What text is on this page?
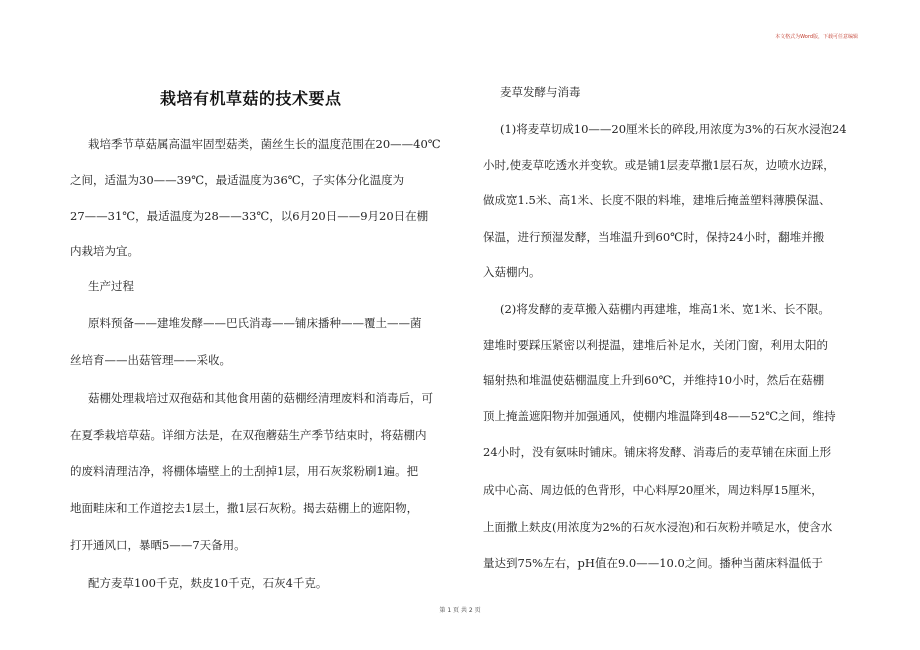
本文格式为Word版，下载可任意编辑
栽培有机草菇的技术要点
栽培季节草菇属高温牢固型菇类，菌丝生长的温度范围在20——40℃
之间，适温为30——39℃，最适温度为36℃，子实体分化温度为
27——31℃，最适温度为28——33℃，以6月20日——9月20日在棚
内栽培为宜。
生产过程
原料预备——建堆发酵——巴氏消毒——铺床播种——覆土——菌
丝培育——出菇管理——采收。
菇棚处理栽培过双孢菇和其他食用菌的菇棚经清理废料和消毒后，可
在夏季栽培草菇。详细方法是，在双孢蘑菇生产季节结束时，将菇棚内
的废料清理洁净，将棚体墙壁上的土刮掉1层，用石灰浆粉刷1遍。把
地面畦床和工作道挖去1层土，撒1层石灰粉。揭去菇棚上的遮阳物，
打开通风口，暴晒5——7天备用。
配方麦草100千克，麸皮10千克，石灰4千克。
麦草发酵与消毒
(1)将麦草切成10——20厘米长的碎段,用浓度为3%的石灰水浸泡24
小时,使麦草吃透水并变软。或是铺1层麦草撒1层石灰，边喷水边踩，
做成宽1.5米、高1米、长度不限的料堆，建堆后掩盖塑料薄膜保温、
保温，进行预湿发酵，当堆温升到60℃时，保持24小时，翻堆并搬
入菇棚内。
(2)将发酵的麦草搬入菇棚内再建堆，堆高1米、宽1米、长不限。
建堆时要踩压紧密以利提温，建堆后补足水，关闭门窗，利用太阳的
辐射热和堆温使菇棚温度上升到60℃，并维持10小时，然后在菇棚
顶上掩盖遮阳物并加强通风，使棚内堆温降到48——52℃之间，维持
24小时，没有氨味时铺床。铺床将发酵、消毒后的麦草铺在床面上形
成中心高、周边低的色背形，中心料厚20厘米，周边料厚15厘米，
上面撒上麸皮(用浓度为2%的石灰水浸泡)和石灰粉并喷足水，使含水
量达到75%左右，pH值在9.0——10.0之间。播种当菌床料温低于
第 1 页 共 2 页
